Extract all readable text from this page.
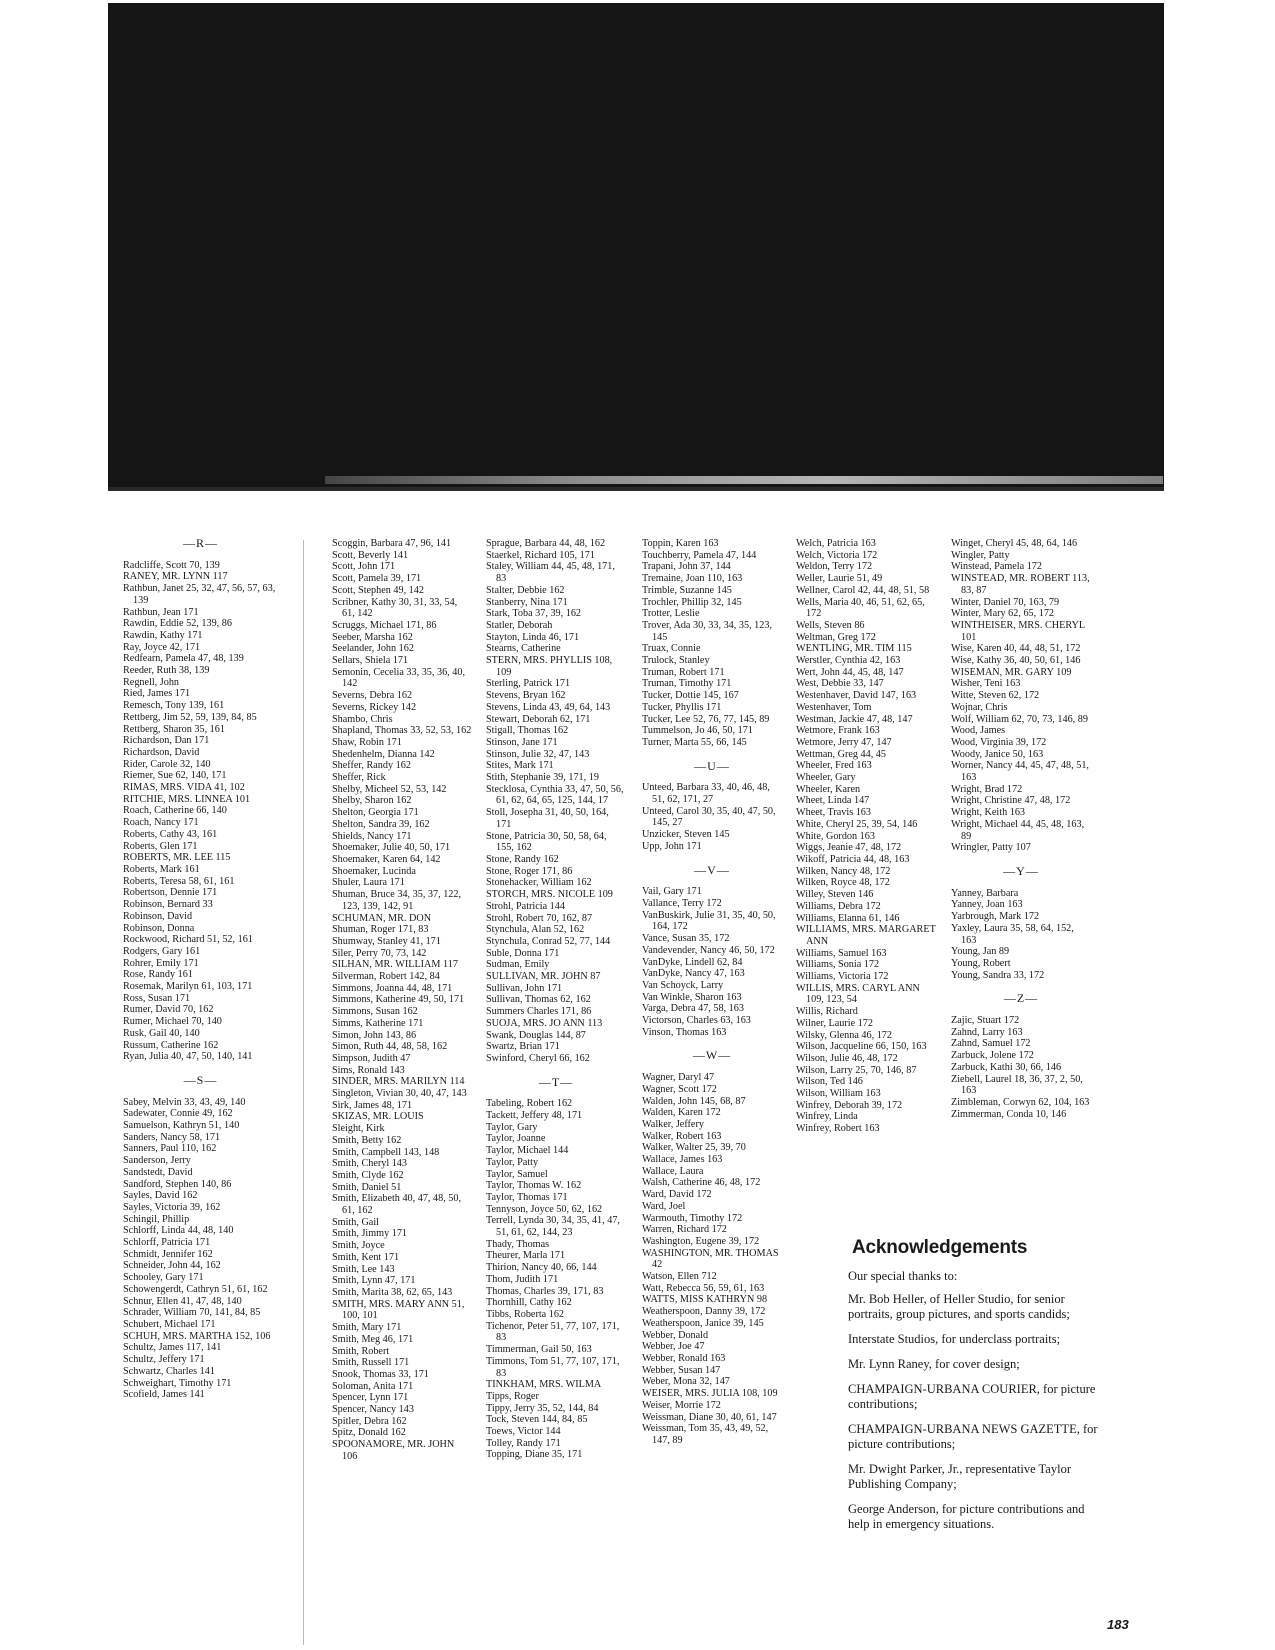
—R—
Radcliffe, Scott 70, 139
RANEY, MR. LYNN 117
Rathbun, Janet 25, 32, 47, 56, 57, 63, 139
Rathbun, Jean 171
Rawdin, Eddie 52, 139, 86
Rawdin, Kathy 171
Ray, Joyce 42, 171
Redfearn, Pamela 47, 48, 139
Reeder, Ruth 38, 139
Regnell, John
Ried, James 171
Remesch, Tony 139, 161
Rettberg, Jim 52, 59, 139, 84, 85
Rettberg, Sharon 35, 161
Richardson, Dan 171
Richardson, David
Rider, Carole 32, 140
Riemer, Sue 62, 140, 171
RIMAS, MRS. VIDA 41, 102
RITCHIE, MRS. LINNEA 101
Roach, Catherine 66, 140
Roach, Nancy 171
Roberts, Cathy 43, 161
Roberts, Glen 171
ROBERTS, MR. LEE 115
Roberts, Mark 161
Roberts, Teresa 58, 61, 161
Robertson, Dennie 171
Robinson, Bernard 33
Robinson, David
Robinson, Donna
Rockwood, Richard 51, 52, 161
Rodgers, Gary 161
Rohrer, Emily 171
Rose, Randy 161
Rosemak, Marilyn 61, 103, 171
Ross, Susan 171
Rumer, David 70, 162
Rumer, Michael 70, 140
Rusk, Gail 40, 140
Russum, Catherine 162
Ryan, Julia 40, 47, 50, 140, 141
—S—
Sabey, Melvin 33, 43, 49, 140
Sadewater, Connie 49, 162
Samuelson, Kathryn 51, 140
Sanders, Nancy 58, 171
Sanners, Paul 110, 162
Sanderson, Jerry
Sandstedt, David
Sandford, Stephen 140, 86
Sayles, David 162
Sayles, Victoria 39, 162
Schingil, Phillip
Schlorff, Linda 44, 48, 140
Schlorff, Patricia 171
Schmidt, Jennifer 162
Schneider, John 44, 162
Schooley, Gary 171
Schowengerdt, Cathryn 51, 61, 162
Schnur, Ellen 41, 47, 48, 140
Schrader, William 70, 141, 84, 85
Schubert, Michael 171
SCHUH, MRS. MARTHA 152, 106
Schultz, James 117, 141
Schultz, Jeffery 171
Schwartz, Charles 141
Schweighart, Timothy 171
Scofield, James 141
Scoggin, Barbara 47, 96, 141
Scott, Beverly 141
Scott, John 171
Scott, Pamela 39, 171
Scott, Stephen 49, 142
Scribner, Kathy 30, 31, 33, 54, 61, 142
Scruggs, Michael 171, 86
Seeber, Marsha 162
Seelander, John 162
Sellars, Shiela 171
Semonin, Cecelia 33, 35, 36, 40, 142
Severns, Debra 162
Severns, Rickey 142
Shambo, Chris
Shapland, Thomas 33, 52, 53, 162
Shaw, Robin 171
Shedenhelm, Dianna 142
Sheffer, Randy 162
Sheffer, Rick
Shelby, Micheel 52, 53, 142
Shelby, Sharon 162
Shelton, Georgia 171
Shelton, Sandra 39, 162
Shields, Nancy 171
Shoemaker, Julie 40, 50, 171
Shoemaker, Karen 64, 142
Shoemaker, Lucinda
Shuler, Laura 171
Shuman, Bruce 34, 35, 37, 122, 123, 139, 142, 91
SCHUMAN, MR. DON
Shuman, Roger 171, 83
Shumway, Stanley 41, 171
Siler, Perry 70, 73, 142
SILHAN, MR. WILLIAM 117
Silverman, Robert 142, 84
Simmons, Joanna 44, 48, 171
Simmons, Katherine 49, 50, 171
Simmons, Susan 162
Simms, Katherine 171
Simon, John 143, 86
Simon, Ruth 44, 48, 58, 162
Simpson, Judith 47
Sims, Ronald 143
SINDER, MRS. MARILYN 114
Singleton, Vivian 30, 40, 47, 143
Sirk, James 48, 171
SKIZAS, MR. LOUIS
Sleight, Kirk
Smith, Betty 162
Smith, Campbell 143, 148
Smith, Cheryl 143
Smith, Clyde 162
Smith, Daniel 51
Smith, Elizabeth 40, 47, 48, 50, 61, 162
Smith, Gail
Smith, Jimmy 171
Smith, Joyce
Smith, Kent 171
Smith, Lee 143
Smith, Lynn 47, 171
Smith, Marita 38, 62, 65, 143
SMITH, MRS. MARY ANN 51, 100, 101
Smith, Mary 171
Smith, Meg 46, 171
Smith, Robert
Smith, Russell 171
Snook, Thomas 33, 171
Soloman, Anita 171
Spencer, Lynn 171
Spencer, Nancy 143
Spitler, Debra 162
Spitz, Donald 162
SPOONAMORE, MR. JOHN 106
Sprague, Barbara 44, 48, 162
Staerkel, Richard 105, 171
Staley, William 44, 45, 48, 171, 83
Stalter, Debbie 162
Stanberry, Nina 171
Stark, Toba 37, 39, 162
Statler, Deborah
Stayton, Linda 46, 171
Stearns, Catherine
STERN, MRS. PHYLLIS 108, 109
Sterling, Patrick 171
Stevens, Bryan 162
Stevens, Linda 43, 49, 64, 143
Stewart, Deborah 62, 171
Stigall, Thomas 162
Stinson, Jane 171
Stinson, Julie 32, 47, 143
Stites, Mark 171
Stith, Stephanie 39, 171, 19
Stecklosa, Cynthia 33, 47, 50, 56, 61, 62, 64, 65, 125, 144, 17
Stoll, Josepha 31, 40, 50, 164, 171
Stone, Patricia 30, 50, 58, 64, 155, 162
Stone, Randy 162
Stone, Roger 171, 86
Stonehacker, William 162
STORCH, MRS. NICOLE 109
Strohl, Patricia 144
Strohl, Robert 70, 162, 87
Stynchula, Alan 52, 162
Stynchula, Conrad 52, 77, 144
Suble, Donna 171
Sudman, Emily
SULLIVAN, MR. JOHN 87
Sullivan, John 171
Sullivan, Thomas 62, 162
Summers Charles 171, 86
SUOJA, MRS. JO ANN 113
Swank, Douglas 144, 87
Swartz, Brian 171
Swinford, Cheryl 66, 162
—T—
Tabeling, Robert 162
Tackett, Jeffery 48, 171
Taylor, Gary
Taylor, Joanne
Taylor, Michael 144
Taylor, Patty
Taylor, Samuel
Taylor, Thomas W. 162
Taylor, Thomas 171
Tennyson, Joyce 50, 62, 162
Terrell, Lynda 30, 34, 35, 41, 47, 51, 61, 62, 144, 23
Thady, Thomas
Theurer, Marla 171
Thirion, Nancy 40, 66, 144
Thom, Judith 171
Thomas, Charles 39, 171, 83
Thornhill, Cathy 162
Tibbs, Roberta 162
Tichenor, Peter 51, 77, 107, 171, 83
Timmerman, Gail 50, 163
Timmons, Tom 51, 77, 107, 171, 83
TINKHAM, MRS. WILMA
Tipps, Roger
Tippy, Jerry 35, 52, 144, 84
Tock, Steven 144, 84, 85
Toews, Victor 144
Tolley, Randy 171
Topping, Diane 35, 171
Toppin, Karen 163
Touchberry, Pamela 47, 144
Trapani, John 37, 144
Tremaine, Joan 110, 163
Trimble, Suzanne 145
Trochler, Phillip 32, 145
Trotter, Leslie
Trover, Ada 30, 33, 34, 35, 123, 145
Truax, Connie
Trulock, Stanley
Truman, Robert 171
Truman, Timothy 171
Tucker, Dottie 145, 167
Tucker, Phyllis 171
Tucker, Lee 52, 76, 77, 145, 89
Tummelson, Jo 46, 50, 171
Turner, Marta 55, 66, 145
—U—
Unteed, Barbara 33, 40, 46, 48, 51, 62, 171, 27
Unteed, Carol 30, 35, 40, 47, 50, 145, 27
Unzicker, Steven 145
Upp, John 171
—V—
Vail, Gary 171
Vallance, Terry 172
VanBuskirk, Julie 31, 35, 40, 50, 164, 172
Vance, Susan 35, 172
Vandevender, Nancy 46, 50, 172
VanDyke, Lindell 62, 84
VanDyke, Nancy 47, 163
Van Schoyck, Larry
Van Winkle, Sharon 163
Varga, Debra 47, 58, 163
Victorson, Charles 63, 163
Vinson, Thomas 163
—W—
Wagner, Daryl 47
Wagner, Scott 172
Walden, John 145, 68, 87
Walden, Karen 172
Walker, Jeffery
Walker, Robert 163
Walker, Walter 25, 39, 70
Wallace, James 163
Wallace, Laura
Walsh, Catherine 46, 48, 172
Ward, David 172
Ward, Joel
Warmouth, Timothy 172
Warren, Richard 172
Washington, Eugene 39, 172
WASHINGTON, MR. THOMAS 42
Watson, Ellen 712
Watt, Rebecca 56, 59, 61, 163
WATTS, MISS KATHRYN 98
Weatherspoon, Danny 39, 172
Weatherspoon, Janice 39, 145
Webber, Donald
Webber, Joe 47
Webber, Ronald 163
Webber, Susan 147
Weber, Mona 32, 147
WEISER, MRS. JULIA 108, 109
Weiser, Morrie 172
Weissman, Diane 30, 40, 61, 147
Weissman, Tom 35, 43, 49, 52, 147, 89
Welch, Patricia 163
Welch, Victoria 172
Weldon, Terry 172
Weller, Laurie 51, 49
Wellner, Carol 42, 44, 48, 51, 58
Wells, Maria 40, 46, 51, 62, 65, 172
Wells, Steven 86
Weltman, Greg 172
WENTLING, MR. TIM 115
Werstler, Cynthia 42, 163
Wert, John 44, 45, 48, 147
West, Debbie 33, 147
Westenhaver, David 147, 163
Westenhaver, Tom
Westman, Jackie 47, 48, 147
Wetmore, Frank 163
Wetmore, Jerry 47, 147
Wettman, Greg 44, 45
Wheeler, Fred 163
Wheeler, Gary
Wheeler, Karen
Wheet, Linda 147
Wheet, Travis 163
White, Cheryl 25, 39, 54, 146
White, Gordon 163
Wiggs, Jeanie 47, 48, 172
Wikoff, Patricia 44, 48, 163
Wilken, Nancy 48, 172
Wilken, Royce 48, 172
Willey, Steven 146
Williams, Debra 172
Williams, Elanna 61, 146
WILLIAMS, MRS. MARGARET ANN
Williams, Samuel 163
Williams, Sonia 172
Williams, Victoria 172
WILLIS, MRS. CARYL ANN 109, 123, 54
Willis, Richard
Wilner, Laurie 172
Wilsky, Glenna 46, 172
Wilson, Jacqueline 66, 150, 163
Wilson, Julie 46, 48, 172
Wilson, Larry 25, 70, 146, 87
Wilson, Ted 146
Wilson, William 163
Winfrey, Deborah 39, 172
Winfrey, Linda
Winfrey, Robert 163
Winget, Cheryl 45, 48, 64, 146
Wingler, Patty
Winstead, Pamela 172
WINSTEAD, MR. ROBERT 113, 83, 87
Winter, Daniel 70, 163, 79
Winter, Mary 62, 65, 172
WINTHEISER, MRS. CHERYL 101
Wise, Karen 40, 44, 48, 51, 172
Wise, Kathy 36, 40, 50, 61, 146
WISEMAN, MR. GARY 109
Wisher, Teni 163
Witte, Steven 62, 172
Wojnar, Chris
Wolf, William 62, 70, 73, 146, 89
Wood, James
Wood, Virginia 39, 172
Woody, Janice 50, 163
Worner, Nancy 44, 45, 47, 48, 51, 163
Wright, Brad 172
Wright, Christine 47, 48, 172
Wright, Keith 163
Wright, Michael 44, 45, 48, 163, 89
Wringler, Patty 107
—Y—
Yanney, Barbara
Yanney, Joan 163
Yarbrough, Mark 172
Yaxley, Laura 35, 58, 64, 152, 163
Young, Jan 89
Young, Robert
Young, Sandra 33, 172
—Z—
Zajic, Stuart 172
Zahnd, Larry 163
Zahnd, Samuel 172
Zarbuck, Jolene 172
Zarbuck, Kathi 30, 66, 146
Ziebell, Laurel 18, 36, 37, 2, 50, 163
Zimbleman, Corwyn 62, 104, 163
Zimmerman, Conda 10, 146
Acknowledgements
Our special thanks to:
Mr. Bob Heller, of Heller Studio, for senior portraits, group pictures, and sports candids;
Interstate Studios, for underclass portraits;
Mr. Lynn Raney, for cover design;
CHAMPAIGN-URBANA COURIER, for picture contributions;
CHAMPAIGN-URBANA NEWS GAZETTE, for picture contributions;
Mr. Dwight Parker, Jr., representative Taylor Publishing Company;
George Anderson, for picture contributions and help in emergency situations.
183
